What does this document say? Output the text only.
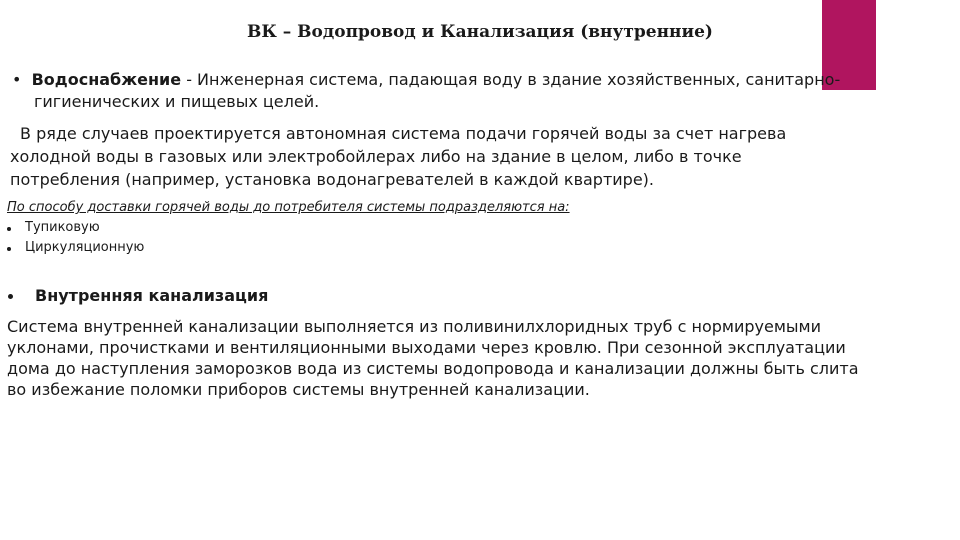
ВК – Водопровод и Канализация (внутренние)
•  Водоснабжение - Инженерная система, падающая воду в здание хозяйственных, санитарно-
гигиенических и пищевых целей.
В ряде случаев проектируется автономная система подачи горячей воды за счет нагрева
холодной воды в газовых или электробойлерах либо на здание в целом, либо в точке
потребления (например, установка водонагревателей в каждой квартире).
По способу доставки горячей воды до потребителя системы подразделяются на:
Тупиковую
Циркуляционную
Внутренняя канализация
Система внутренней канализации выполняется из поливинилхлоридных труб с нормируемыми
уклонами, прочистками и вентиляционными выходами через кровлю. При сезонной эксплуатации
дома до наступления заморозков вода из системы водопровода и канализации должны быть слита
во избежание поломки приборов системы внутренней канализации.
